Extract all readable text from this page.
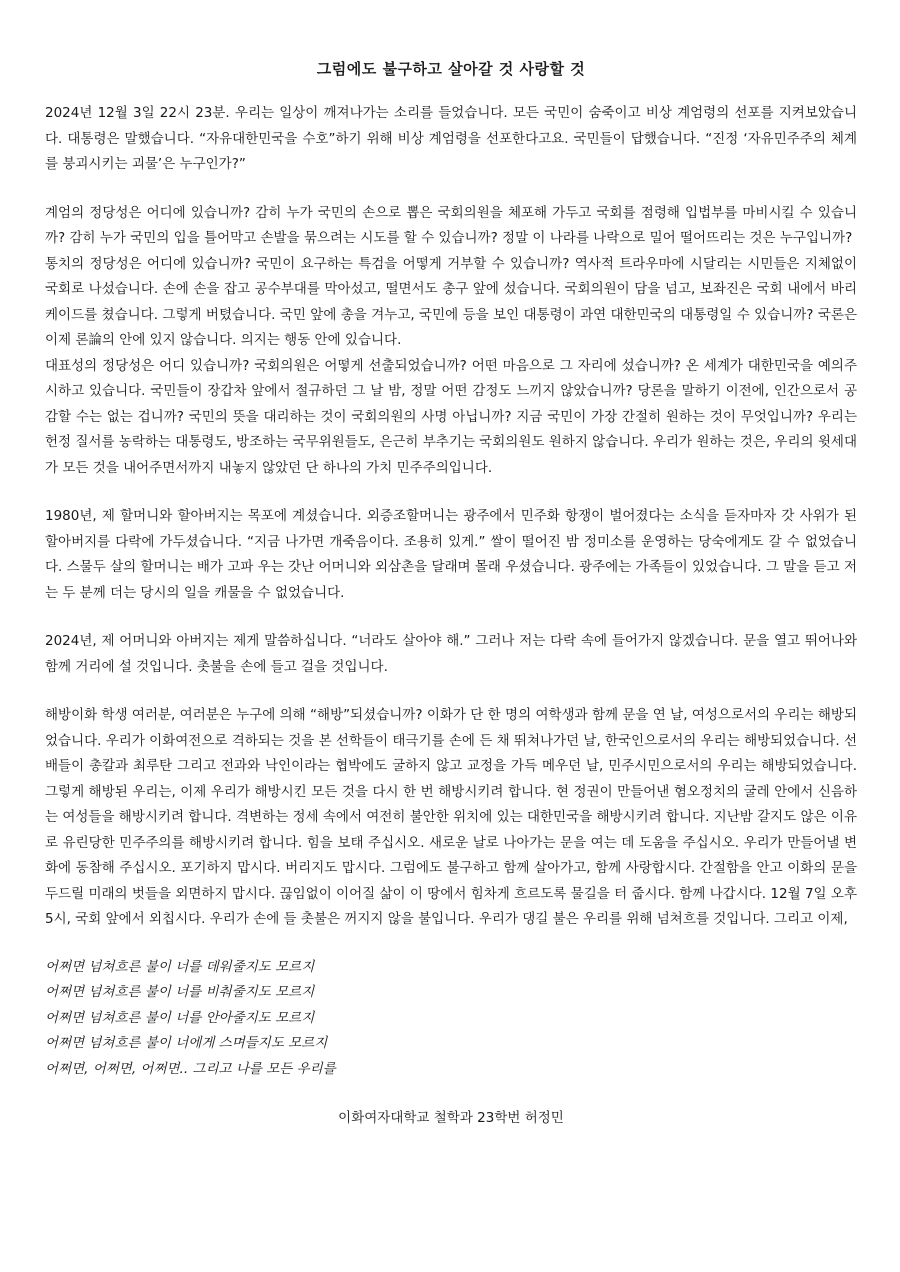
그럼에도 불구하고 살아갈 것 사랑할 것

2024년 12월 3일 22시 23분. 우리는 일상이 깨져나가는 소리를 들었습니다. 모든 국민이 숨죽이고 비상 계엄령의 선포를 지켜보았습니다. 대통령은 말했습니다. “자유대한민국을 수호”하기 위해 비상 계엄령을 선포한다고요. 국민들이 답했습니다. “진정 ‘자유민주주의 체계를 붕괴시키는 괴물’은 누구인가?”

계엄의 정당성은 어디에 있습니까? 감히 누가 국민의 손으로 뽑은 국회의원을 체포해 가두고 국회를 점령해 입법부를 마비시킬 수 있습니까? 감히 누가 국민의 입을 틀어막고 손발을 묶으려는 시도를 할 수 있습니까? 정말 이 나라를 나락으로 밀어 떨어뜨리는 것은 누구입니까?

통치의 정당성은 어디에 있습니까? 국민이 요구하는 특검을 어떻게 거부할 수 있습니까? 역사적 트라우마에 시달리는 시민들은 지체없이 국회로 나섰습니다. 손에 손을 잡고 공수부대를 막아섰고, 떨면서도 총구 앞에 섰습니다. 국회의원이 담을 넘고, 보좌진은 국회 내에서 바리케이드를 쳤습니다. 그렇게 버텼습니다. 국민 앞에 총을 겨누고, 국민에 등을 보인 대통령이 과연 대한민국의 대통령일 수 있습니까? 국론은 이제 론論의 안에 있지 않습니다. 의지는 행동 안에 있습니다.

대표성의 정당성은 어디 있습니까? 국회의원은 어떻게 선출되었습니까? 어떤 마음으로 그 자리에 섰습니까? 온 세계가 대한민국을 예의주시하고 있습니다. 국민들이 장갑차 앞에서 절규하던 그 날 밤, 정말 어떤 감정도 느끼지 않았습니까? 당론을 말하기 이전에, 인간으로서 공감할 수는 없는 겁니까? 국민의 뜻을 대리하는 것이 국회의원의 사명 아닙니까? 지금 국민이 가장 간절히 원하는 것이 무엇입니까? 우리는 헌정 질서를 농락하는 대통령도, 방조하는 국무위원들도, 은근히 부추기는 국회의원도 원하지 않습니다. 우리가 원하는 것은, 우리의 윗세대가 모든 것을 내어주면서까지 내놓지 않았던 단 하나의 가치 민주주의입니다.

1980년, 제 할머니와 할아버지는 목포에 계셨습니다. 외증조할머니는 광주에서 민주화 항쟁이 벌어졌다는 소식을 듣자마자 갓 사위가 된 할아버지를 다락에 가두셨습니다. “지금 나가면 개죽음이다. 조용히 있게.” 쌀이 떨어진 밤 정미소를 운영하는 당숙에게도 갈 수 없었습니다. 스물두 살의 할머니는 배가 고파 우는 갓난 어머니와 외삼촌을 달래며 몰래 우셨습니다. 광주에는 가족들이 있었습니다. 그 말을 듣고 저는 두 분께 더는 당시의 일을 캐물을 수 없었습니다.

2024년, 제 어머니와 아버지는 제게 말씀하십니다. “너라도 살아야 해.” 그러나 저는 다락 속에 들어가지 않겠습니다. 문을 열고 뛰어나와 함께 거리에 설 것입니다. 촛불을 손에 들고 걸을 것입니다.

해방이화 학생 여러분, 여러분은 누구에 의해 “해방”되셨습니까? 이화가 단 한 명의 여학생과 함께 문을 연 날, 여성으로서의 우리는 해방되었습니다. 우리가 이화여전으로 격하되는 것을 본 선학들이 태극기를 손에 든 채 뛰쳐나가던 날, 한국인으로서의 우리는 해방되었습니다. 선배들이 총칼과 최루탄 그리고 전과와 낙인이라는 협박에도 굴하지 않고 교정을 가득 메우던 날, 민주시민으로서의 우리는 해방되었습니다. 그렇게 해방된 우리는, 이제 우리가 해방시킨 모든 것을 다시 한 번 해방시키려 합니다. 현 정권이 만들어낸 혐오정치의 굴레 안에서 신음하는 여성들을 해방시키려 합니다. 격변하는 정세 속에서 여전히 불안한 위치에 있는 대한민국을 해방시키려 합니다. 지난밤 갈지도 않은 이유로 유린당한 민주주의를 해방시키려 합니다. 힘을 보태 주십시오. 새로운 날로 나아가는 문을 여는 데 도움을 주십시오. 우리가 만들어낼 변화에 동참해 주십시오. 포기하지 맙시다. 버리지도 맙시다. 그럼에도 불구하고 함께 살아가고, 함께 사랑합시다. 간절함을 안고 이화의 문을 두드릴 미래의 벗들을 외면하지 맙시다. 끊임없이 이어질 삶이 이 땅에서 힘차게 흐르도록 물길을 터 줍시다. 함께 나갑시다. 12월 7일 오후 5시, 국회 앞에서 외칩시다. 우리가 손에 들 촛불은 꺼지지 않을 불입니다. 우리가 댕길 불은 우리를 위해 넘쳐흐를 것입니다. 그리고 이제,

어쩌면 넘쳐흐른 불이 너를 데워줄지도 모르지
어쩌면 넘쳐흐른 불이 너를 비춰줄지도 모르지
어쩌면 넘쳐흐른 불이 너를 안아줄지도 모르지
어쩌면 넘쳐흐른 불이 너에게 스며들지도 모르지
어쩌면, 어쩌면, 어쩌면.. 그리고 나를 모든 우리를
이화여자대학교 철학과 23학번 허정민
